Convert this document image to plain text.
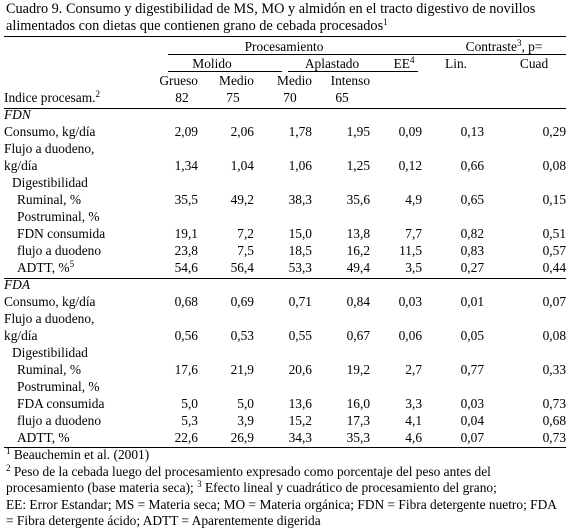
Cuadro 9. Consumo y digestibilidad de MS, MO y almidón en el tracto digestivo de novillos alimentados con dietas que contienen grano de cebada procesados$^1$
	Procesamiento					Contraste$^3$, p=	
	Molido		Aplastado		$EE^4$	Lin.	Cuad
	Grueso	Medio	Medio	Intenso			
Indice procesam.$^2$	82	75	70	65			
FDN							
Consumo, kg/día	2,09	2,06	1,78	1,95	0,09	0,13	0,29
Flujo a duodeno,							
kg/día	1,34	1,04	1,06	1,25	0,12	0,66	0,08
Digestibilidad							
Ruminal, %	35,5	49,2	38,3	35,6	4,9	0,65	0,15
Postruminal, %							
FDN consumida	19,1	7,2	15,0	13,8	7,7	0,82	0,51
flujo a duodeno	23,8	7,5	18,5	16,2	11,5	0,83	0,57
ADTT, %$^5$	54,6	56,4	53,3	49,4	3,5	0,27	0,44
FDA							
Consumo, kg/día	0,68	0,69	0,71	0,84	0,03	0,01	0,07
Flujo a duodeno,							
kg/día	0,56	0,53	0,55	0,67	0,06	0,05	0,08
Digestibilidad							
Ruminal, %	17,6	21,9	20,6	19,2	2,7	0,77	0,33
Postruminal, %							
FDA consumida	5,0	5,0	13,6	16,0	3,3	0,03	0,73
flujo a duodeno	5,3	3,9	15,2	17,3	4,1	0,04	0,68
ADTT, %	22,6	26,9	34,3	35,3	4,6	0,07	0,73
$^1$ Beauchemin et al. (2001)
$^2$ Peso de la cebada luego del procesamiento expresado como porcentaje del peso antes del procesamiento (base materia seca); $^3$ Efecto lineal y cuadrático de procesamiento del grano;
EE: Error Estandar; MS = Materia seca; MO = Materia orgánica; FDN = Fibra detergente nuetro; FDA = Fibra detergente ácido; ADTT = Aparentemente digerida
